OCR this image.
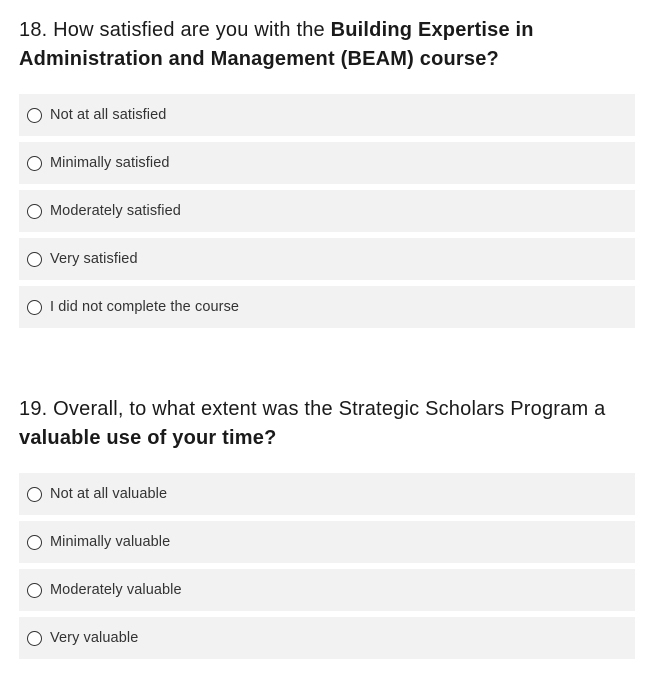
18. How satisfied are you with the Building Expertise in Administration and Management (BEAM) course?

Not at all satisfied
Minimally satisfied
Moderately satisfied
Very satisfied
I did not complete the course

19. Overall, to what extent was the Strategic Scholars Program a valuable use of your time?

Not at all valuable
Minimally valuable
Moderately valuable
Very valuable
